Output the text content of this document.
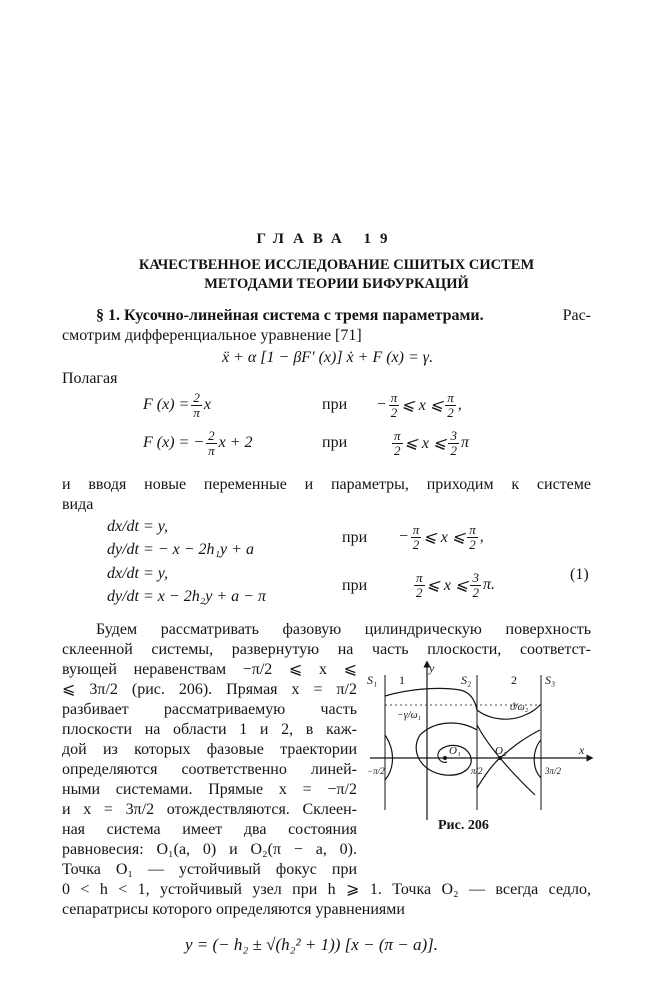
ГЛАВА 19
КАЧЕСТВЕННОЕ ИССЛЕДОВАНИЕ СШИТЫХ СИСТЕМ
МЕТОДАМИ ТЕОРИИ БИФУРКАЦИЙ
§ 1. Кусочно-линейная система с тремя параметрами.	Рас-
смотрим дифференциальное уравнение [71]
ẍ + α [1 − βF′ (x)] ẋ + F (x) = γ.
Полагая
F $(x) = \frac{2}{\pi}$ x	при − $\frac{\pi}{2}$ ⩽ x ⩽ $\frac{\pi}{2}$ ,
F (x) = − $\frac{2}{\pi}$ x + 2	при	$\frac{\pi}{2}$ ⩽ x ⩽ $\frac{3}{2}$ π
и вводя новые переменные и параметры, приходим к системе
вида
dx/dt = y,
dy/dt = − x − 2h₁y + a
при − $\frac{\pi}{2}$ ⩽ x ⩽ $\frac{\pi}{2}$ ,
dx/dt = y,
dy/dt = x − 2h₂y + a − π
при	$\frac{\pi}{2}$ ⩽ x ⩽ $\frac{3}{2} \pi$.
(1)
Будем рассматривать фазовую цилиндрическую поверхность
склеенной системы, развернутую на часть плоскости, соответст-
вующей неравенствам −π/2 ⩽ x ⩽
⩽ 3π/2 (рис. 206). Прямая x = π/2
разбивает рассматриваемую часть
плоскости на области 1 и 2, в каж-
дой из которых фазовые траектории
определяются соответственно линей-
ными системами. Прямые x = −π/2
и x = 3π/2 отождествляются. Склеен-
ная система имеет два состояния
равновесия: O₁(a, 0) и O₂(π − a, 0).
Точка O₁ — устойчивый фокус при
0 < h < 1, устойчивый узел при h ⩾ 1. Точка O₂ — всегда седло,
сепаратрисы которого определяются уравнениями
y = (− h₂ ± √(h₂² + 1)) [x − (π − a)].
y
x
S₁	S₂	S₃
1	2
−γ/ω₁
ϑ/ω₂
O₁	O₂
−π/2	π/2	3π/2
Рис. 206
